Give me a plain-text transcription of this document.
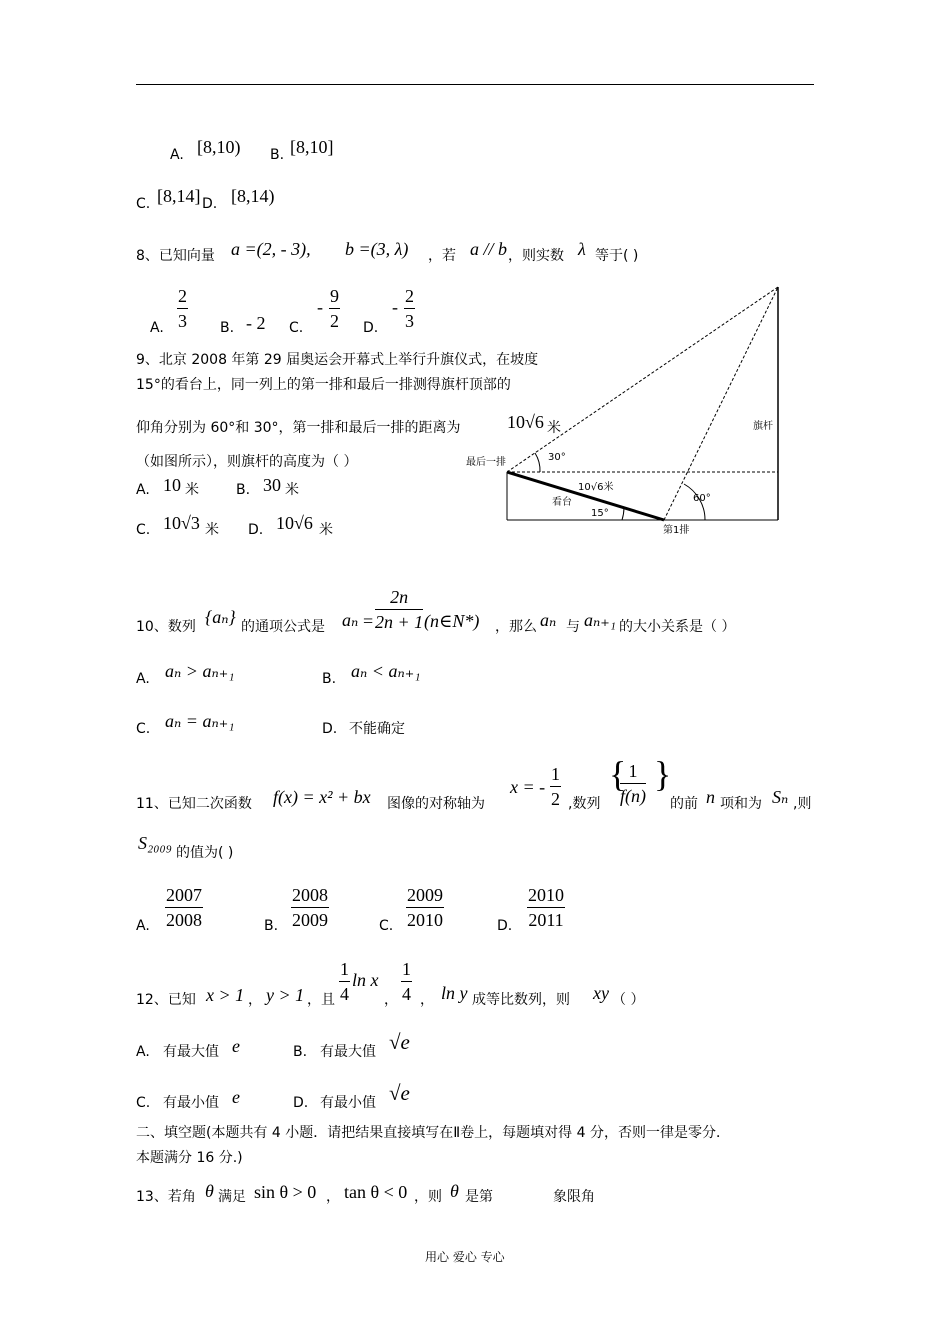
A. [8,10) B. [8,10]
C. [8,14] D. [8,14)
8、已知向量 a =(2, - 3), b =(3, λ) ，若 a // b ，则实数 λ 等于( )
A. $\frac{2}{3} B$. - 2 C.
- $\frac{9}{2} D$.
- $\frac{2}{3}$
9、北京 2008 年第 29 届奥运会开幕式上举行升旗仪式，在坡度
15°的看台上，同一列上的第一排和最后一排测得旗杆顶部的
仰角分别为 60°和 30°，第一排和最后一排的距离为	10√6 米
（如图所示），则旗杆的高度为（ ）
A. 10 米	B. 30 米
C. 10√3 米 D. 10√6 米
最后一排	30°
10√6米
看台
15°
60°
第1排
旗杆
10、数列 {aₙ} 的通项公式是 $a_n = \frac{2n}{2n + 1}$ (n∈N*) ，那么 aₙ 与 aₙ₊₁ 的大小关系是（ ）
A. aₙ > aₙ₊₁	B. aₙ < aₙ₊₁
C. aₙ = aₙ₊₁	D. 不能确定
11、已知二次函数 f(x) = x² + bx 图像的对称轴为
x = - $\frac{1}{2}$ ,数列
{
$\frac{1}{f(n)}$ }
的前 n 项和为 Sₙ ,则
S₂₀₀₉ 的值为( )
A. $\frac{2007}{2008}$	B. $\frac{2008}{2009}$	C. $\frac{2009}{2010}$	D. $\frac{2010}{2011}$
12、已知 x > 1 ， y > 1 ，且 $\frac{1}{4}$ ln x
， $\frac{1}{4}$ ， ln y 成等比数列，则 xy （ ）
A. 有最大值 e	B. 有最大值 √e
C. 有最小值 e	D. 有最小值 √e
二、填空题(本题共有 4 小题．请把结果直接填写在Ⅱ卷上，每题填对得 4 分，否则一律是零分．
本题满分 16 分.)
13、若角 θ 满足 sin θ > 0 ， tan θ < 0 ，则 θ 是第	象限角
用心 爱心 专心
